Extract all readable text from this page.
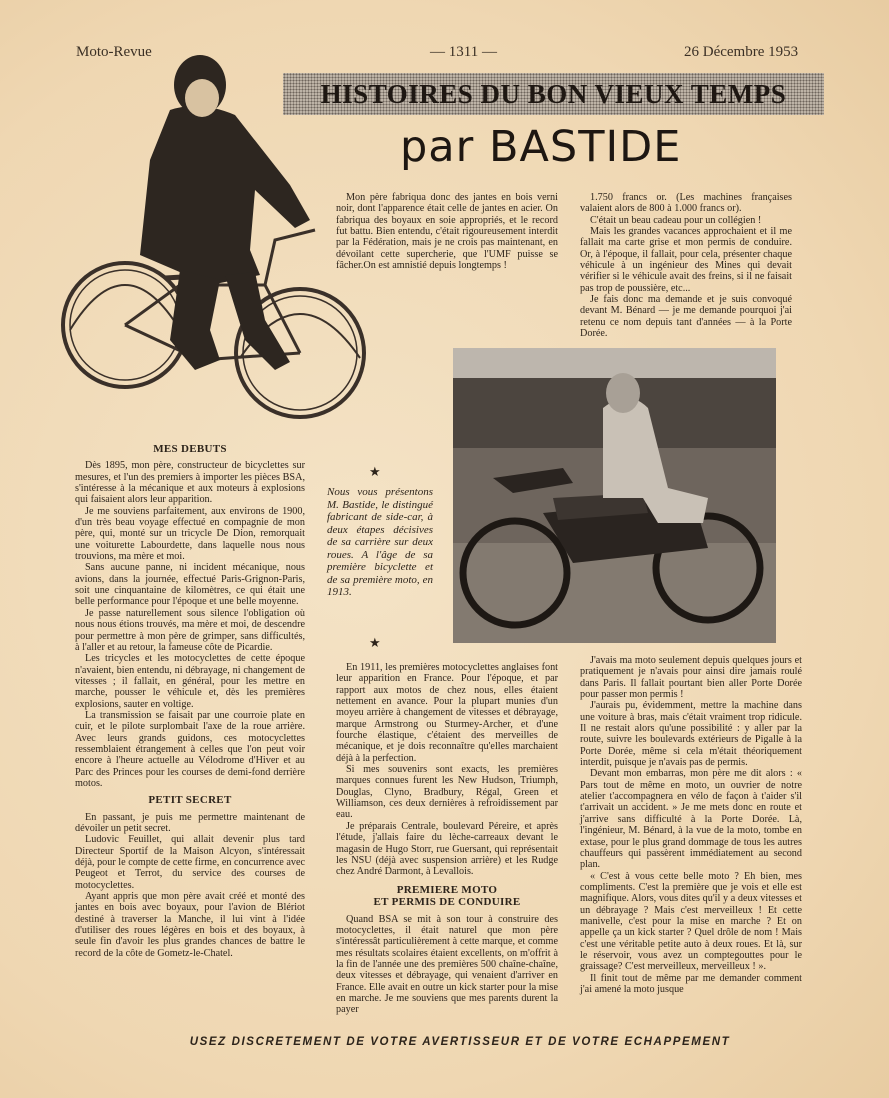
Moto-Revue	— 1311 —	26 Décembre 1953
HISTOIRES DU BON VIEUX TEMPS
par BASTIDE
★
Nous vous présentons M. Bastide, le distingué fabricant de side-car, à deux étapes décisives de sa carrière sur deux roues. A l'âge de sa première bicyclette et de sa première moto, en 1913.
★
MES DEBUTS

Dès 1895, mon père, constructeur de bicyclettes sur mesures, et l'un des premiers à importer les pièces BSA, s'intéresse à la mécanique et aux moteurs à explosions qui faisaient alors leur apparition.

Je me souviens parfaitement, aux environs de 1900, d'un très beau voyage effectué en compagnie de mon père, qui, monté sur un tricycle De Dion, remorquait une voiturette Labourdette, dans laquelle nous nous trouvions, ma mère et moi.

Sans aucune panne, ni incident mécanique, nous avions, dans la journée, effectué Paris-Grignon-Paris, soit une cinquantaine de kilomètres, ce qui était une belle performance pour l'époque et une belle moyenne.

Je passe naturellement sous silence l'obligation où nous nous étions trouvés, ma mère et moi, de descendre pour permettre à mon père de grimper, sans difficultés, à l'aller et au retour, la fameuse côte de Picardie.

Les tricycles et les motocyclettes de cette époque n'avaient, bien entendu, ni débrayage, ni changement de vitesses ; il fallait, en général, pour les mettre en marche, pousser le véhicule et, dès les premières explosions, sauter en voltige.

La transmission se faisait par une courroie plate en cuir, et le pilote surplombait l'axe de la roue arrière. Avec leurs grands guidons, ces motocyclettes ressemblaient étrangement à celles que l'on peut voir encore à l'heure actuelle au Vélodrome d'Hiver et au Parc des Princes pour les courses de demi-fond derrière motos.

PETIT SECRET

En passant, je puis me permettre maintenant de dévoiler un petit secret.

Ludovic Feuillet, qui allait devenir plus tard Directeur Sportif de la Maison Alcyon, s'intéressait déjà, pour le compte de cette firme, en concurrence avec Peugeot et Terrot, du service des courses de motocyclettes.

Ayant appris que mon père avait créé et monté des jantes en bois avec boyaux, pour l'avion de Blériot destiné à traverser la Manche, il lui vint à l'idée d'utiliser des roues légères en bois et des boyaux, à seule fin d'avoir les plus grandes chances de battre le record de la côte de Gometz-le-Chatel.

Mon père fabriqua donc des jantes en bois verni noir, dont l'apparence était celle de jantes en acier. On fabriqua des boyaux en soie appropriés, et le record fut battu. Bien entendu, c'était rigoureusement interdit par la Fédération, mais je ne crois pas maintenant, en dévoilant cette supercherie, que l'UMF puisse se fâcher.On est amnistié depuis longtemps !

En 1911, les premières motocyclettes anglaises font leur apparition en France. Pour l'époque, et par rapport aux motos de chez nous, elles étaient nettement en avance. Pour la plupart munies d'un moyeu arrière à changement de vitesses et débrayage, marque Armstrong ou Sturmey-Archer, et d'une fourche élastique, c'étaient des merveilles de mécanique, et je dois reconnaître qu'elles marchaient déjà à la perfection.

Si mes souvenirs sont exacts, les premières marques connues furent les New Hudson, Triumph, Douglas, Clyno, Bradbury, Régal, Green et Williamson, ces deux dernières à refroidissement par eau.

Je préparais Centrale, boulevard Péreire, et après l'étude, j'allais faire du lèche-carreaux devant le magasin de Hugo Storr, rue Guersant, qui représentait les NSU (déjà avec suspension arrière) et les Rudge chez André Darmont, à Levallois.

PREMIERE MOTO
ET PERMIS DE CONDUIRE

Quand BSA se mit à son tour à construire des motocyclettes, il était naturel que mon père s'intéressât particulièrement à cette marque, et comme mes résultats scolaires étaient excellents, on m'offrit à la fin de l'année une des premières 500 chaîne-chaîne, deux vitesses et débrayage, qui venaient d'arriver en France. Elle avait en outre un kick starter pour la mise en marche. Je me souviens que mes parents durent la payer

1.750 francs or. (Les machines françaises valaient alors de 800 à 1.000 francs or).

C'était un beau cadeau pour un collégien !

Mais les grandes vacances approchaient et il me fallait ma carte grise et mon permis de conduire. Or, à l'époque, il fallait, pour cela, présenter chaque véhicule à un ingénieur des Mines qui devait vérifier si le véhicule avait des freins, si il ne faisait pas trop de poussière, etc...

Je fais donc ma demande et je suis convoqué devant M. Bénard — je me demande pourquoi j'ai retenu ce nom depuis tant d'années — à la Porte Dorée.

J'avais ma moto seulement depuis quelques jours et pratiquement je n'avais pour ainsi dire jamais roulé dans Paris. Il fallait pourtant bien aller Porte Dorée pour passer mon permis !

J'aurais pu, évidemment, mettre la machine dans une voiture à bras, mais c'était vraiment trop ridicule. Il ne restait alors qu'une possibilité : y aller par la route, suivre les boulevards extérieurs de Pigalle à la Porte Dorée, même si cela m'était théoriquement interdit, puisque je n'avais pas de permis.

Devant mon embarras, mon père me dit alors : « Pars tout de même en moto, un ouvrier de notre atelier t'accompagnera en vélo de façon à t'aider s'il t'arrivait un accident. » Je me mets donc en route et j'arrive sans difficulté à la Porte Dorée. Là, l'ingénieur, M. Bénard, à la vue de la moto, tombe en extase, pour le plus grand dommage de tous les autres chauffeurs qui passèrent immédiatement au second plan.

« C'est à vous cette belle moto ? Eh bien, mes compliments. C'est la première que je vois et elle est magnifique. Alors, vous dites qu'il y a deux vitesses et un débrayage ? Mais c'est merveilleux ! Et cette manivelle, c'est pour la mise en marche ? Et on appelle ça un kick starter ? Quel drôle de nom ! Mais c'est une véritable petite auto à deux roues. Et là, sur le réservoir, vous avez un comptegouttes pour le graissage? C'est merveilleux, merveilleux ! ».

Il finit tout de même par me demander comment j'ai amené la moto jusque

USEZ DISCRETEMENT DE VOTRE AVERTISSEUR ET DE VOTRE ECHAPPEMENT
